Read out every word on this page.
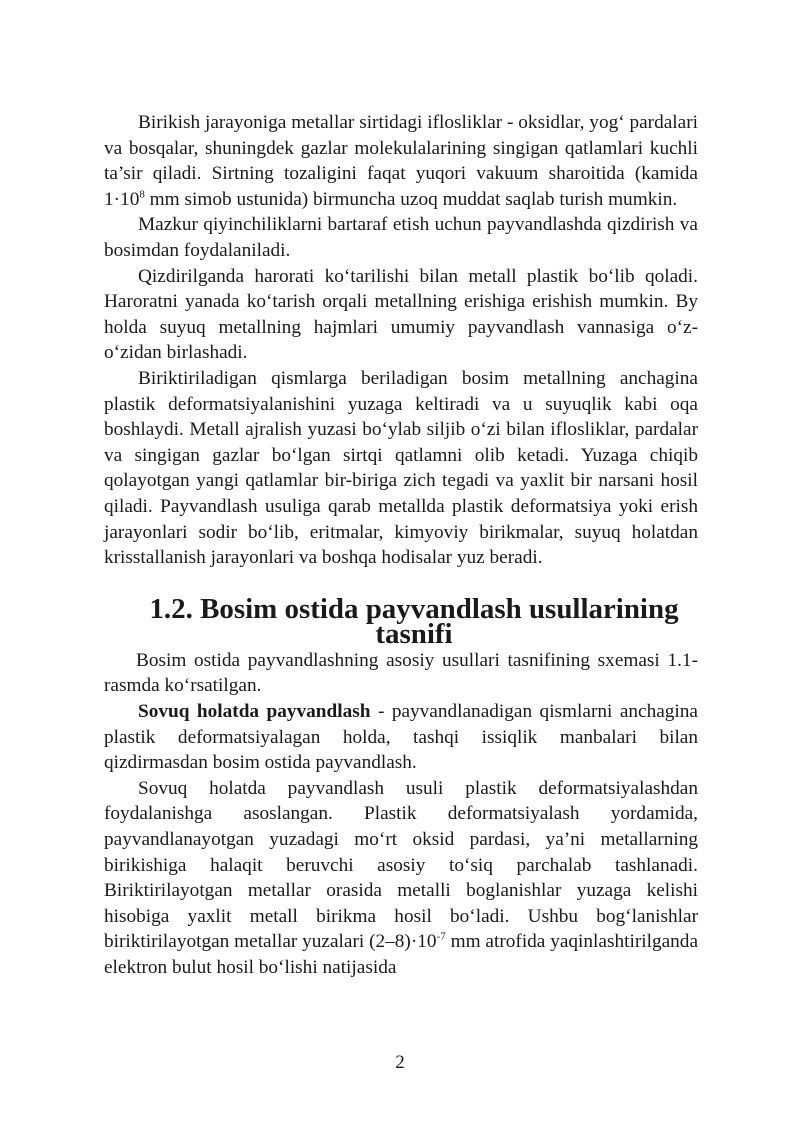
Birikish jarayoniga metallar sirtidagi iflosliklar - oksidlar, yog‘ pardalari va bosqalar, shuningdek gazlar molekulalarining singigan qatlamlari kuchli ta’sir qiladi. Sirtning tozaligini faqat yuqori vakuum sharoitida (kamida $1\cdot 10^8$ mm simob ustunida) birmuncha uzoq muddat saqlab turish mumkin.

Mazkur qiyinchiliklarni bartaraf etish uchun payvandlashda qizdirish va bosimdan foydalaniladi.

Qizdirilganda harorati ko‘tarilishi bilan metall plastik bo‘lib qoladi. Haroratni yanada ko‘tarish orqali metallning erishiga erishish mumkin. By holda suyuq metallning hajmlari umumiy payvandlash vannasiga o‘z-o‘zidan birlashadi.

Biriktiriladigan qismlarga beriladigan bosim metallning anchagina plastik deformatsiyalanishini yuzaga keltiradi va u suyuqlik kabi oqa boshlaydi. Metall ajralish yuzasi bo‘ylab siljib o‘zi bilan iflosliklar, pardalar va singigan gazlar bo‘lgan sirtqi qatlamni olib ketadi. Yuzaga chiqib qolayotgan yangi qatlamlar bir-biriga zich tegadi va yaxlit bir narsani hosil qiladi. Payvandlash usuliga qarab metallda plastik deformatsiya yoki erish jarayonlari sodir bo‘lib, eritmalar, kimyoviy birikmalar, suyuq holatdan krisstallanish jarayonlari va boshqa hodisalar yuz beradi.

1.2. Bosim ostida payvandlash usullarining tasnifi

Bosim ostida payvandlashning asosiy usullari tasnifining sxemasi 1.1-rasmda ko‘rsatilgan.

Sovuq holatda payvandlash - payvandlanadigan qismlarni anchagina plastik deformatsiyalagan holda, tashqi issiqlik manbalari bilan qizdirmasdan bosim ostida payvandlash.

Sovuq holatda payvandlash usuli plastik deformatsiyalashdan foydalanishga asoslangan. Plastik deformatsiyalash yordamida, payvandlanayotgan yuzadagi mo‘rt oksid pardasi, ya’ni metallarning birikishiga halaqit beruvchi asosiy to‘siq parchalab tashlanadi. Biriktirilayotgan metallar orasida metalli boglanishlar yuzaga kelishi hisobiga yaxlit metall birikma hosil bo‘ladi. Ushbu bog‘lanishlar biriktirilayotgan metallar yuzalari $(2-8)\cdot 10^{-7}$ mm atrofida yaqinlashtirilganda elektron bulut hosil bo‘lishi natijasida

2
